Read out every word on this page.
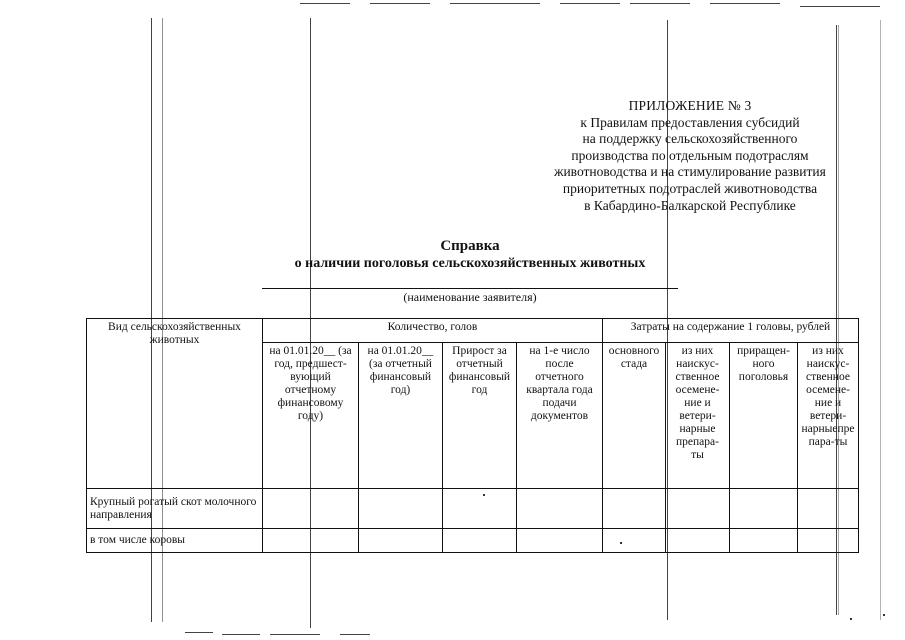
ПРИЛОЖЕНИЕ № 3
к Правилам предоставления субсидий
на поддержку сельскохозяйственного
производства по отдельным подотраслям
животноводства и на стимулирование развития
приоритетных подотраслей животноводства
в Кабардино-Балкарской Республике
Справка
о наличии поголовья сельскохозяйственных животных
(наименование заявителя)
Вид сельскохозяйственных животных	Количество, голов				Затраты на содержание 1 головы, рублей			
	на 01.01.20__ (за год, предшест- вующий отчетному финансовому году)	на 01.01.20__ (за отчетный финансовый год)	Прирост за отчетный финансовый год	на 1-е число после отчетного квартала года подачи документов	основного стада	из них наискус- ственное осемене- ние и ветери- нарные препара- ты	приращен- ного поголовья	из них наискус- ственное осемене- ние и ветери- нарныепре пара-ты
Крупный рогатый скот молочного направления								
в том числе коровы								
